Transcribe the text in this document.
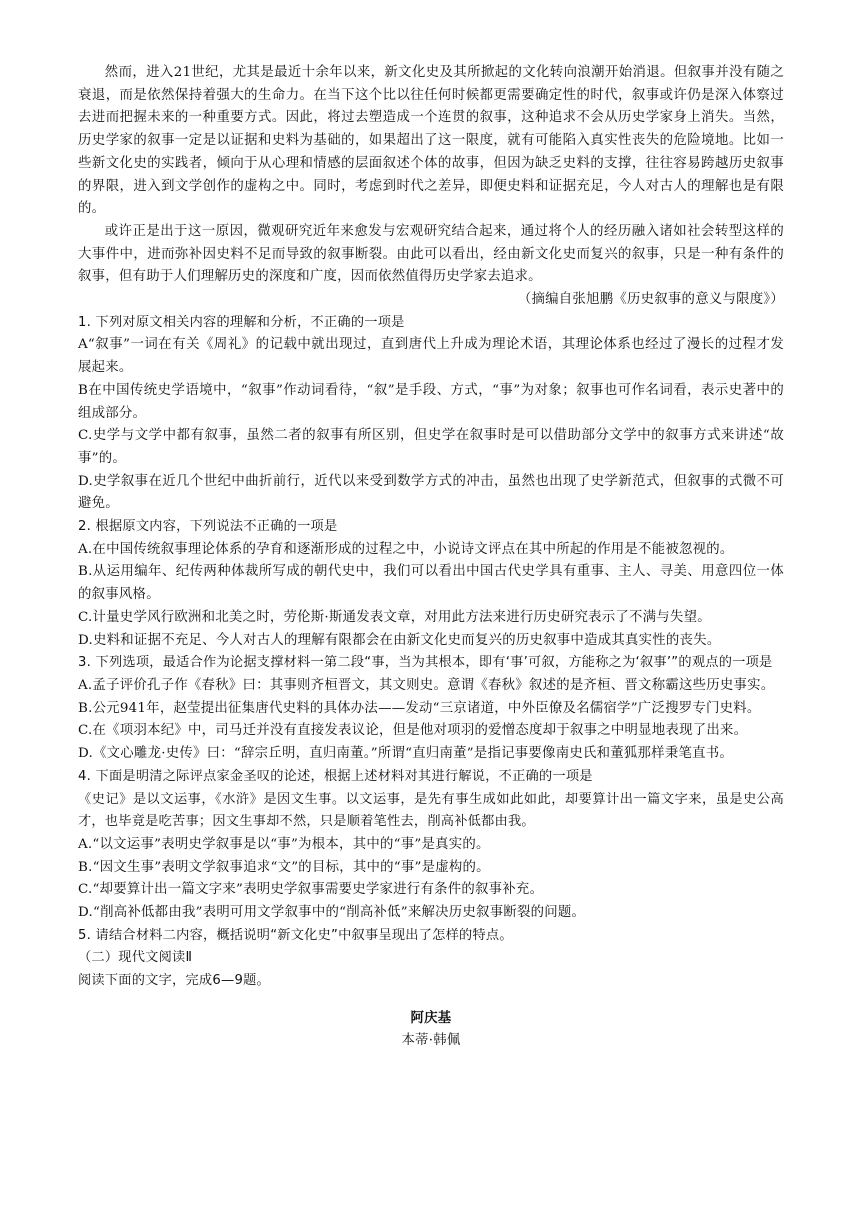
然而，进入21世纪，尤其是最近十余年以来，新文化史及其所掀起的文化转向浪潮开始消退。但叙事并没有随之衰退，而是依然保持着强大的生命力。在当下这个比以往任何时候都更需要确定性的时代，叙事或许仍是深入体察过去进而把握未来的一种重要方式。因此，将过去塑造成一个连贯的叙事，这种追求不会从历史学家身上消失。当然，历史学家的叙事一定是以证据和史料为基础的，如果超出了这一限度，就有可能陷入真实性丧失的危险境地。比如一些新文化史的实践者，倾向于从心理和情感的层面叙述个体的故事，但因为缺乏史料的支撑，往往容易跨越历史叙事的界限，进入到文学创作的虚构之中。同时，考虑到时代之差异，即便史料和证据充足，今人对古人的理解也是有限的。

或许正是出于这一原因，微观研究近年来愈发与宏观研究结合起来，通过将个人的经历融入诸如社会转型这样的大事件中，进而弥补因史料不足而导致的叙事断裂。由此可以看出，经由新文化史而复兴的叙事，只是一种有条件的叙事，但有助于人们理解历史的深度和广度，因而依然值得历史学家去追求。

（摘编自张旭鹏《历史叙事的意义与限度》）

1. 下列对原文相关内容的理解和分析，不正确的一项是

A“叙事”一词在有关《周礼》的记载中就出现过，直到唐代上升成为理论术语，其理论体系也经过了漫长的过程才发展起来。

B在中国传统史学语境中，“叙事”作动词看待，“叙”是手段、方式，“事”为对象；叙事也可作名词看，表示史著中的组成部分。

C.史学与文学中都有叙事，虽然二者的叙事有所区别，但史学在叙事时是可以借助部分文学中的叙事方式来讲述“故事”的。

D.史学叙事在近几个世纪中曲折前行，近代以来受到数学方式的冲击，虽然也出现了史学新范式，但叙事的式微不可避免。

2. 根据原文内容，下列说法不正确的一项是

A.在中国传统叙事理论体系的孕育和逐渐形成的过程之中，小说诗文评点在其中所起的作用是不能被忽视的。

B.从运用编年、纪传两种体裁所写成的朝代史中，我们可以看出中国古代史学具有重事、主人、寻美、用意四位一体的叙事风格。

C.计量史学风行欧洲和北美之时，劳伦斯·斯通发表文章，对用此方法来进行历史研究表示了不满与失望。

D.史料和证据不充足、今人对古人的理解有限都会在由新文化史而复兴的历史叙事中造成其真实性的丧失。

3. 下列选项，最适合作为论据支撑材料一第二段“事，当为其根本，即有‘事’可叙，方能称之为‘叙事’”的观点的一项是

A.孟子评价孔子作《春秋》曰：其事则齐桓晋文，其文则史。意谓《春秋》叙述的是齐桓、晋文称霸这些历史事实。

B.公元941年，赵莹提出征集唐代史料的具体办法——发动“三京诸道，中外臣僚及名儒宿学”广泛搜罗专门史料。

C.在《项羽本纪》中，司马迁并没有直接发表议论，但是他对项羽的爱憎态度却于叙事之中明显地表现了出来。

D.《文心雕龙·史传》曰：“辞宗丘明，直归南董。”所谓“直归南董”是指记事要像南史氏和董狐那样秉笔直书。

4. 下面是明清之际评点家金圣叹的论述，根据上述材料对其进行解说，不正确的一项是

《史记》是以文运事，《水浒》是因文生事。以文运事，是先有事生成如此如此，却要算计出一篇文字来，虽是史公高才，也毕竟是吃苦事；因文生事却不然，只是顺着笔性去，削高补低都由我。

A.“以文运事”表明史学叙事是以“事”为根本，其中的“事”是真实的。

B.“因文生事”表明文学叙事追求“文”的目标，其中的“事”是虚构的。

C.“却要算计出一篇文字来”表明史学叙事需要史学家进行有条件的叙事补充。

D.“削高补低都由我”表明可用文学叙事中的“削高补低”来解决历史叙事断裂的问题。

5. 请结合材料二内容，概括说明“新文化史”中叙事呈现出了怎样的特点。

（二）现代文阅读Ⅱ

阅读下面的文字，完成6—9题。

阿庆基

本蒂·韩佩
